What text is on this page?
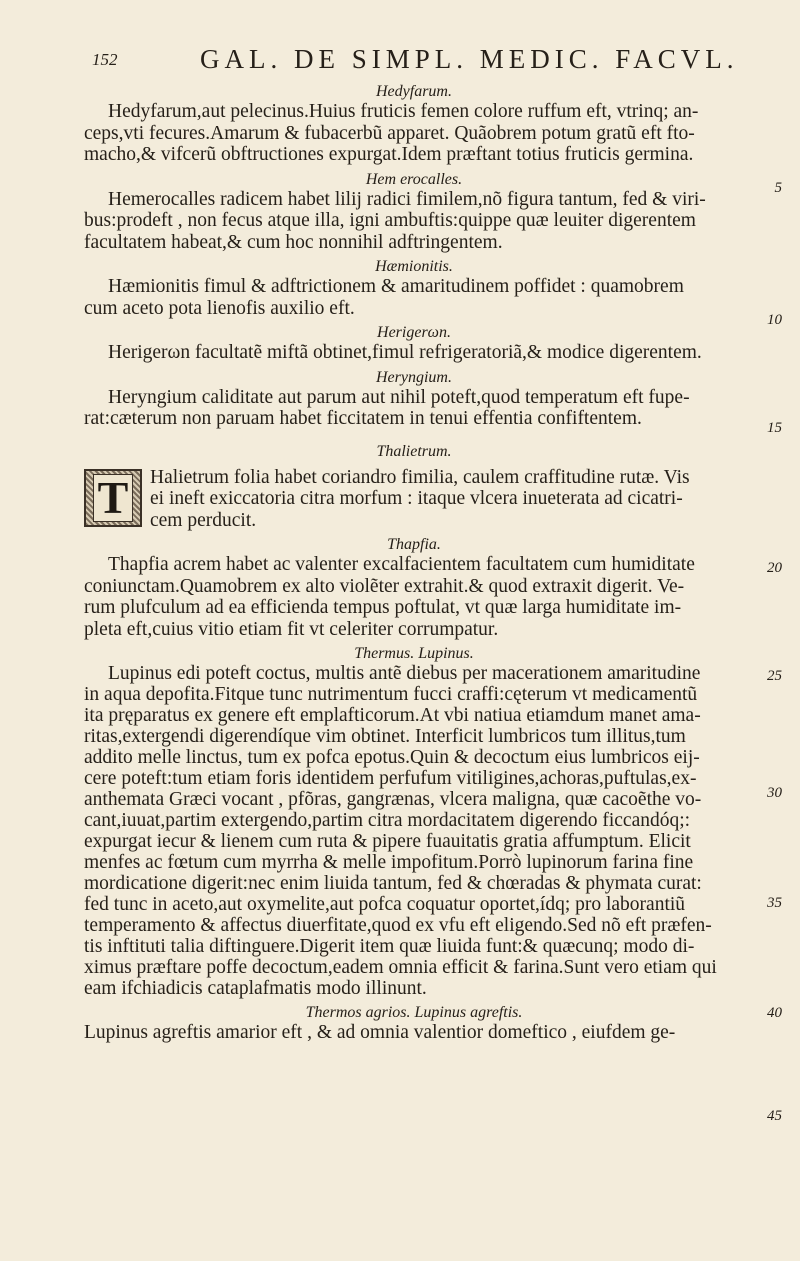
152	GAL. DE SIMPL. MEDIC. FACVL.
5
10
15
20
25
30
35
40
45

Hedyfarum.

Hedyfarum,aut pelecinus.Huius fruticis femen colore ruffum eft, vtrinq; an-
ceps,vti fecures.Amarum & fubacerbũ apparet. Quãobrem potum gratũ eft fto-
macho,& vifcerũ obftructiones expurgat.Idem præftant totius fruticis germina.

Hem erocalles.

Hemerocalles radicem habet lilij radici fimilem,nõ figura tantum, fed & viri-
bus:prodeft , non fecus atque illa, igni ambuftis:quippe quæ leuiter digerentem
facultatem habeat,& cum hoc nonnihil adftringentem.

Hæmionitis.

Hæmionitis fimul & adftrictionem & amaritudinem poffidet : quamobrem
cum aceto pota lienofis auxilio eft.

Herigerωn.

Herigerωn facultatẽ miftã obtinet,fimul refrigeratoriã,& modice digerentem.

Heryngium.

Heryngium caliditate aut parum aut nihil poteft,quod temperatum eft fupe-
rat:cæterum non paruam habet ficcitatem in tenui effentia confiftentem.

Thalietrum.

T	Halietrum folia habet coriandro fimilia, caulem craffitudine rutæ. Vis
ei ineft exiccatoria citra morfum : itaque vlcera inueterata ad cicatri-
cem perducit.

Thapfia.

Thapfia acrem habet ac valenter excalfacientem facultatem cum humiditate
coniunctam.Quamobrem ex alto violẽter extrahit.& quod extraxit digerit. Ve-
rum plufculum ad ea efficienda tempus poftulat, vt quæ larga humiditate im-
pleta eft,cuius vitio etiam fit vt celeriter corrumpatur.

Thermus. Lupinus.

Lupinus edi poteft coctus, multis antẽ diebus per macerationem amaritudine
in aqua depofita.Fitque tunc nutrimentum fucci craffi:cęterum vt medicamentũ
ita pręparatus ex genere eft emplafticorum.At vbi natiua etiamdum manet ama-
ritas,extergendi digerendíque vim obtinet. Interficit lumbricos tum illitus,tum
addito melle linctus, tum ex pofca epotus.Quin & decoctum eius lumbricos eij-
cere poteft:tum etiam foris identidem perfufum vitiligines,achoras,puftulas,ex-
anthemata Græci vocant , pfõras, gangrænas, vlcera maligna, quæ cacoẽthe vo-
cant,iuuat,partim extergendo,partim citra mordacitatem digerendo ficcandóq;:
expurgat iecur & lienem cum ruta & pipere fuauitatis gratia affumptum. Elicit
menfes ac fœtum cum myrrha & melle impofitum.Porrò lupinorum farina fine
mordicatione digerit:nec enim liuida tantum, fed & chœradas & phymata curat:
fed tunc in aceto,aut oxymelite,aut pofca coquatur oportet,ídq; pro laborantiũ
temperamento & affectus diuerfitate,quod ex vfu eft eligendo.Sed nõ eft præfen-
tis inftituti talia diftinguere.Digerit item quæ liuida funt:& quæcunq; modo di-
ximus præftare poffe decoctum,eadem omnia efficit & farina.Sunt vero etiam qui
eam ifchiadicis cataplafmatis modo illinunt.

Thermos agrios. Lupinus agreftis.

Lupinus agreftis amarior eft , & ad omnia valentior domeftico , eiufdem ge-
